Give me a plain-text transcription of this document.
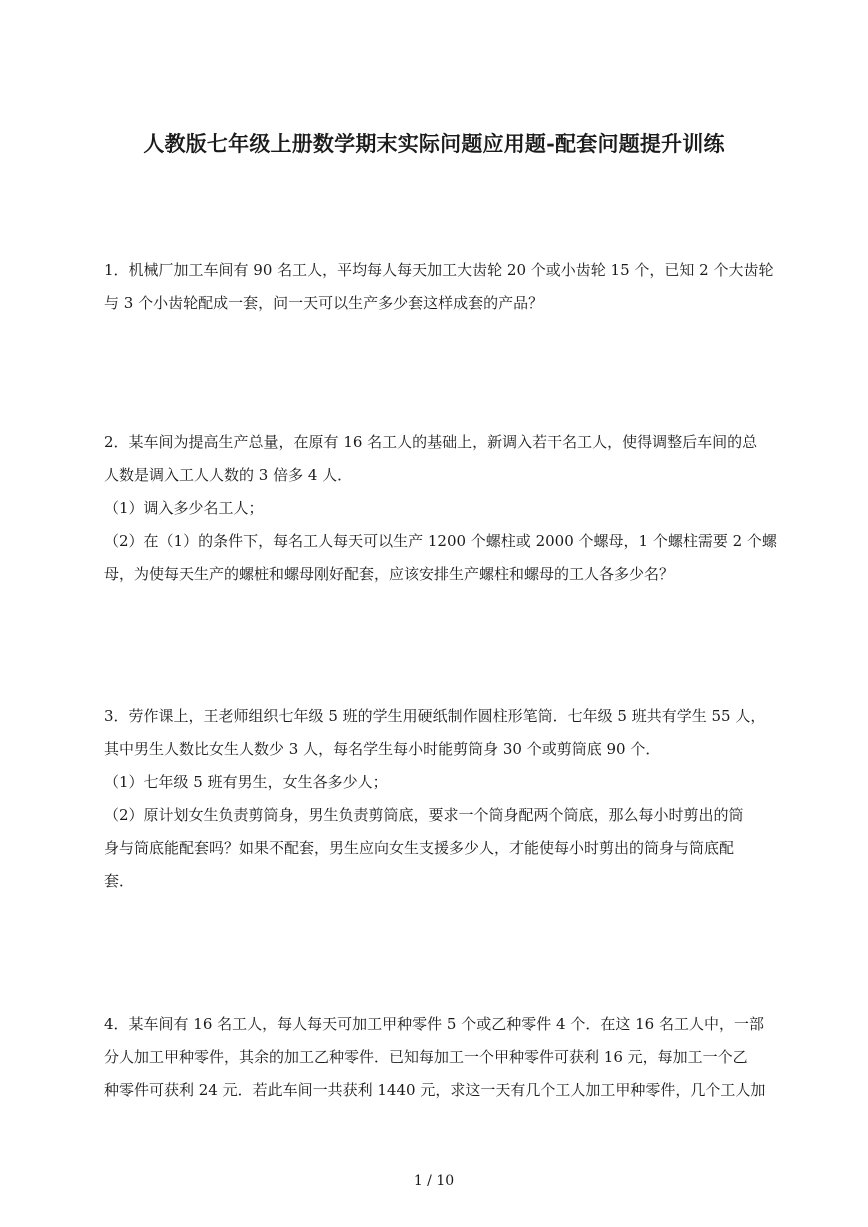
人教版七年级上册数学期末实际问题应用题-配套问题提升训练

1．机械厂加工车间有 90 名工人，平均每人每天加工大齿轮 20 个或小齿轮 15 个，已知 2 个大齿轮

与 3 个小齿轮配成一套，问一天可以生产多少套这样成套的产品？

2．某车间为提高生产总量，在原有 16 名工人的基础上，新调入若干名工人，使得调整后车间的总

人数是调入工人人数的 3 倍多 4 人．

（1）调入多少名工人；

（2）在（1）的条件下，每名工人每天可以生产 1200 个螺柱或 2000 个螺母，1 个螺柱需要 2 个螺

母，为使每天生产的螺桩和螺母刚好配套，应该安排生产螺柱和螺母的工人各多少名？

3．劳作课上，王老师组织七年级 5 班的学生用硬纸制作圆柱形笔筒．七年级 5 班共有学生 55 人，

其中男生人数比女生人数少 3 人，每名学生每小时能剪筒身 30 个或剪筒底 90 个．

（1）七年级 5 班有男生，女生各多少人；

（2）原计划女生负责剪筒身，男生负责剪筒底，要求一个筒身配两个筒底，那么每小时剪出的筒

身与筒底能配套吗？如果不配套，男生应向女生支援多少人，才能使每小时剪出的筒身与筒底配

套．

4．某车间有 16 名工人，每人每天可加工甲种零件 5 个或乙种零件 4 个．在这 16 名工人中，一部

分人加工甲种零件，其余的加工乙种零件．已知每加工一个甲种零件可获利 16 元，每加工一个乙

种零件可获利 24 元．若此车间一共获利 1440 元，求这一天有几个工人加工甲种零件，几个工人加

1 / 10
